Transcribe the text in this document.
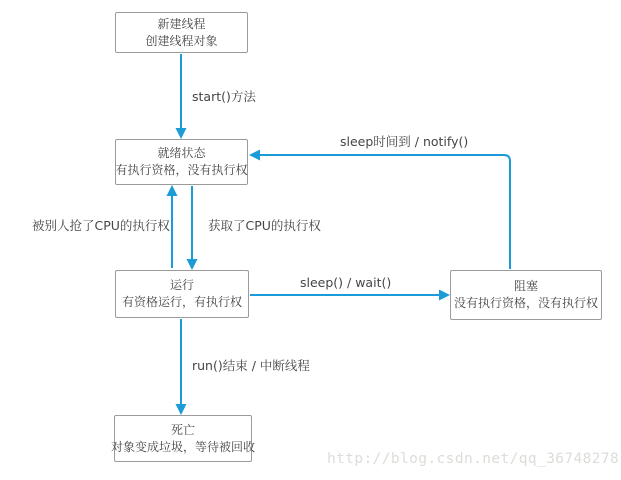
新建线程
创建线程对象
就绪状态
有执行资格，没有执行权
运行
有资格运行，有执行权
阻塞
没有执行资格，没有执行权
死亡
对象变成垃圾，等待被回收
start()方法
被别人抢了CPU的执行权	获取了CPU的执行权
sleep() / wait()
sleep时间到 / notify()
run()结束 / 中断线程
http://blog.csdn.net/qq_36748278
